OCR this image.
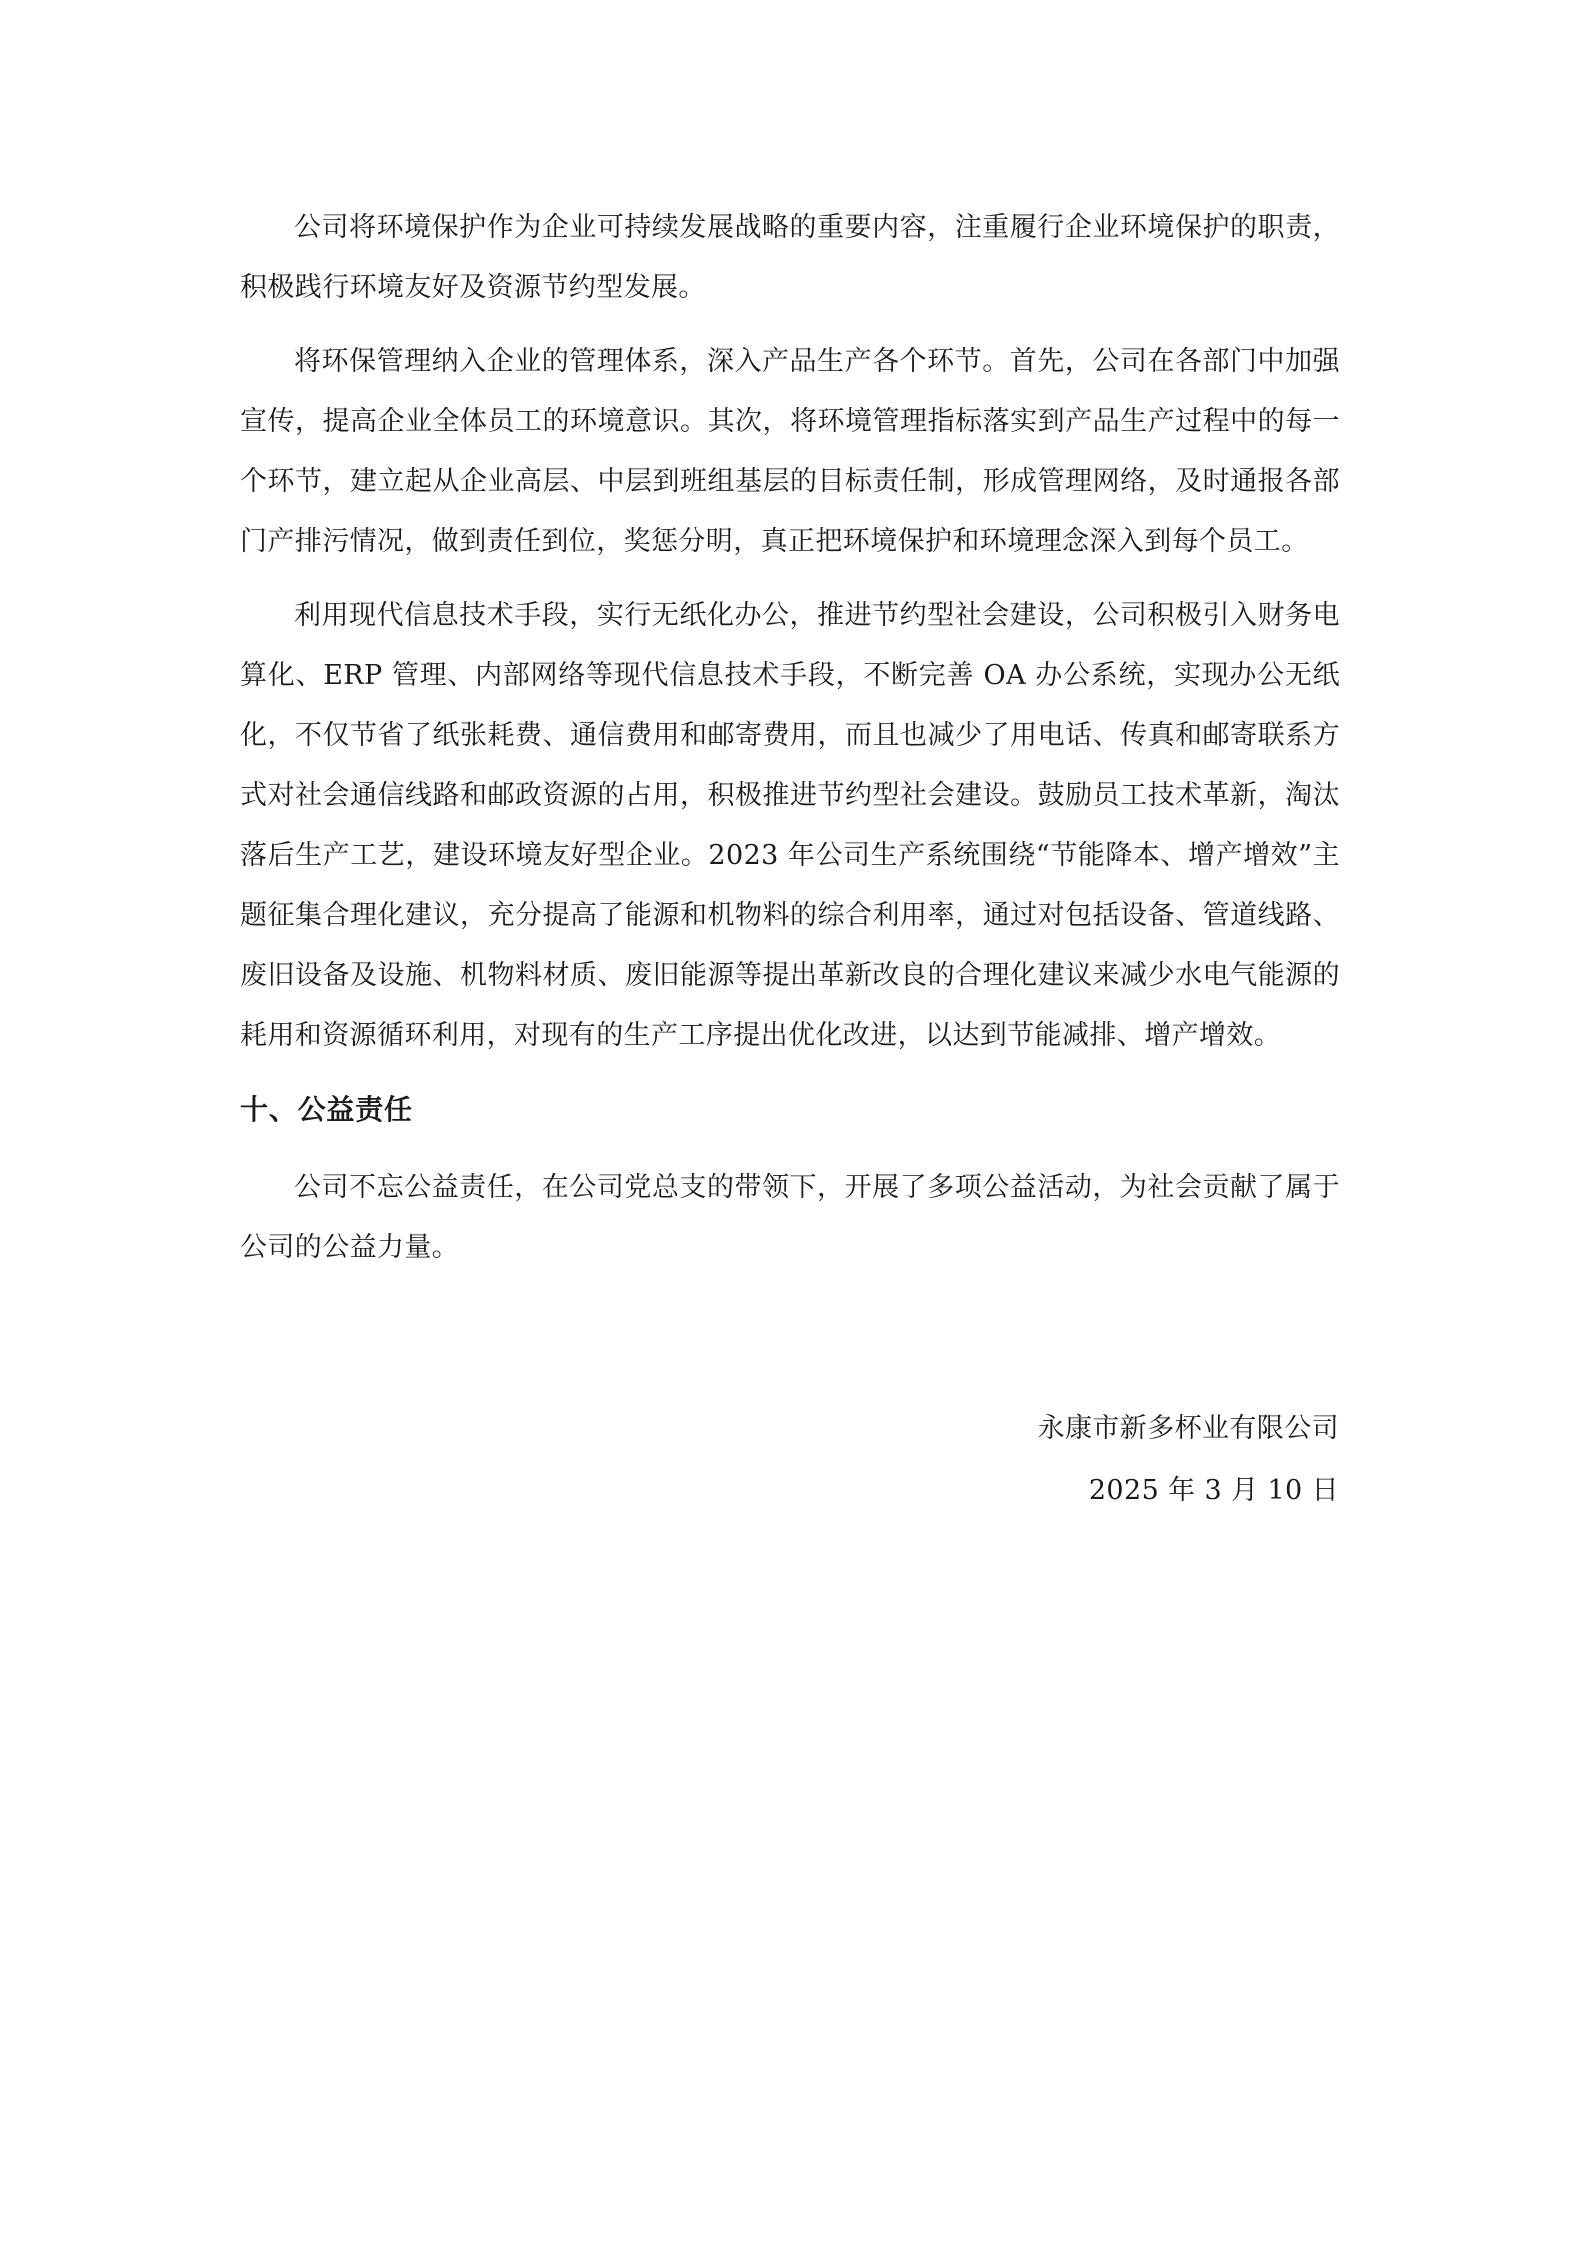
公司将环境保护作为企业可持续发展战略的重要内容，注重履行企业环境保护的职责，积极践行环境友好及资源节约型发展。

将环保管理纳入企业的管理体系，深入产品生产各个环节。首先，公司在各部门中加强宣传，提高企业全体员工的环境意识。其次，将环境管理指标落实到产品生产过程中的每一个环节，建立起从企业高层、中层到班组基层的目标责任制，形成管理网络，及时通报各部门产排污情况，做到责任到位，奖惩分明，真正把环境保护和环境理念深入到每个员工。

利用现代信息技术手段，实行无纸化办公，推进节约型社会建设，公司积极引入财务电算化、ERP 管理、内部网络等现代信息技术手段，不断完善 OA 办公系统，实现办公无纸化，不仅节省了纸张耗费、通信费用和邮寄费用，而且也减少了用电话、传真和邮寄联系方式对社会通信线路和邮政资源的占用，积极推进节约型社会建设。鼓励员工技术革新，淘汰落后生产工艺，建设环境友好型企业。2023 年公司生产系统围绕“节能降本、增产增效”主题征集合理化建议，充分提高了能源和机物料的综合利用率，通过对包括设备、管道线路、废旧设备及设施、机物料材质、废旧能源等提出革新改良的合理化建议来减少水电气能源的耗用和资源循环利用，对现有的生产工序提出优化改进，以达到节能减排、增产增效。

十、公益责任

公司不忘公益责任，在公司党总支的带领下，开展了多项公益活动，为社会贡献了属于公司的公益力量。

永康市新多杯业有限公司
2025 年 3 月 10 日
